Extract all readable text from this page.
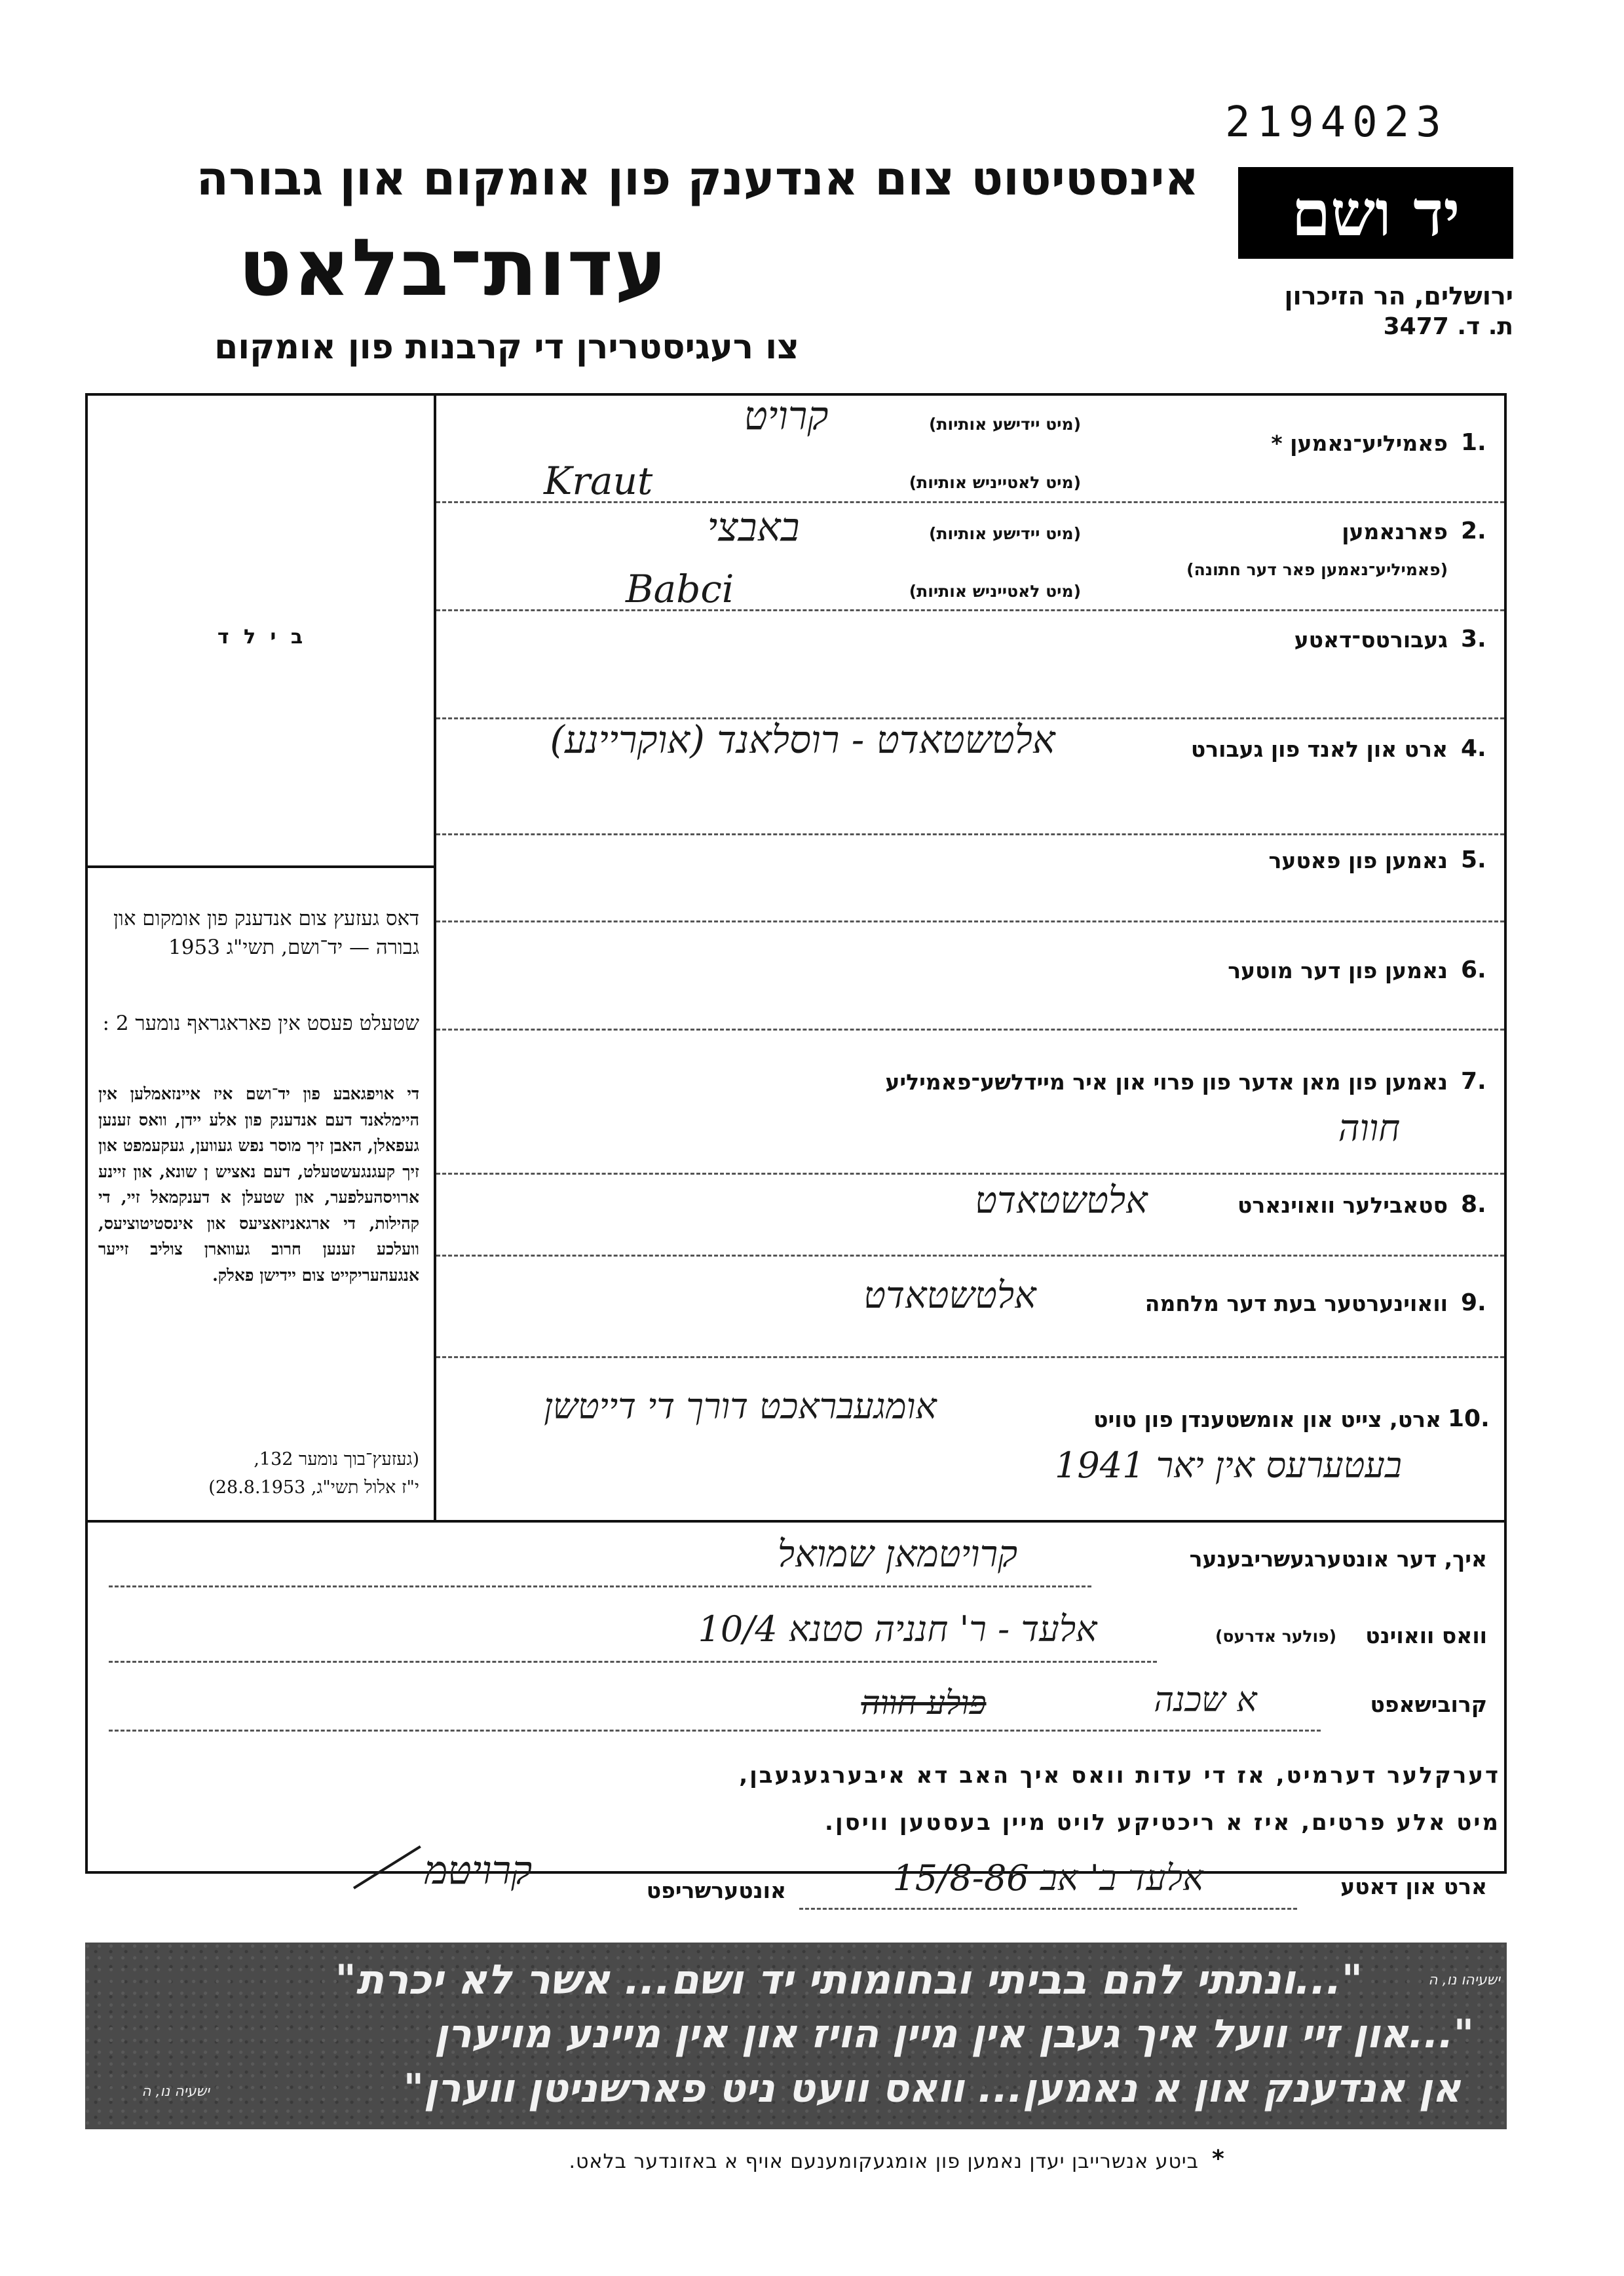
2194023
אינסטיטוט צום אנדענק פון אומקום און גבורה
עדות־בלאט
צו רעגיסטרירן די קרבנות פון אומקום
יד ושם
ירושלים, הר הזיכרון
ת. ד. 3477
ב י ל ד
דאס געזעץ צום אנדענק פון אומקום און גבורה — יד־ושם, תשי"ג 1953
שטעלט פעסט אין פאראגראף נומער 2 :
די אויפגאבע פון יד־ושם איז איינזאמלען אין היימלאנד דעם אנדענק פון אלע יידן, וואס זענען געפאלן, האבן זיך מוסר נפש געווען, געקעמפט און זיך קעגנגעשטעלט, דעם נאציש ן שונא, און זיינע ארויסהעלפער, און שטעלן א דענקמאל זיי, די קהילות, די ארגאניזאציעס און אינסטיטוציעס, וועלכע זענען חרוב געווארן צוליב זייער אנגעהעריקייט צום יידישן פאלק.
(געזעץ־בוך נומער 132,
י"ז אלול תשי"ג, 28.8.1953)
1.
פאמיליע־נאמען *
(מיט יידישע אותיות)
קרויט
(מיט לאטייניש אותיות)
Kraut
2.
פארנאמען
(פאמיליע־נאמען פאר דער חתונה)
(מיט יידישע אותיות)
באבצי
(מיט לאטייניש אותיות)
Babci
3.
געבורטס־דאטע
4.
ארט און לאנד פון געבורט
אלטשטאדט - רוסלאנד (אוקריינע)
5.
נאמען פון פאטער
6.
נאמען פון דער מוטער
7.
נאמען פון מאן אדער פון פרוי און איר מיידלשע־פאמיליע
חווה
8.
סטאבילער וואוינארט
אלטשטאדט
9.
וואוינערטער בעת דער מלחמה
אלטשטאדט
10.
ארט, צייט און אומשטענדן פון טויט
אומגעבראכט דורך די דייטשן
בעטערעס אין יאר 1941
איך, דער אונטערגעשריבענער
קרויטמאן שמואל
וואס וואוינט
(פולער אדרעס)
אלעד - ר' חנניה סטנא 10/4
קרובישאפט
א שכנה
פולע חווה
דערקלער דערמיט, אז די עדות וואס איך האב דא איבערגעגעבן,
מיט אלע פרטים, איז א ריכטיקע לויט מיין בעסטען וויסן.
ארט און דאטע
אלעד ב' אב 15/8-86
אונטערשריפט
קרויטמ
"...ונתתי להם בביתי ובחומותי יד ושם... אשר לא יכרת"	ישעיהו נו, ה
"...און זיי וועל איך געבן אין מיין הויז און אין מיינע מויערן
אן אנדענק און א נאמען... וואס וועט ניט פארשניטן ווערן"
ישעיה נו, ה
*
ביטע אנשרייבן יעדן נאמען פון אומגעקומענעם אויף א באזונדער בלאט.
